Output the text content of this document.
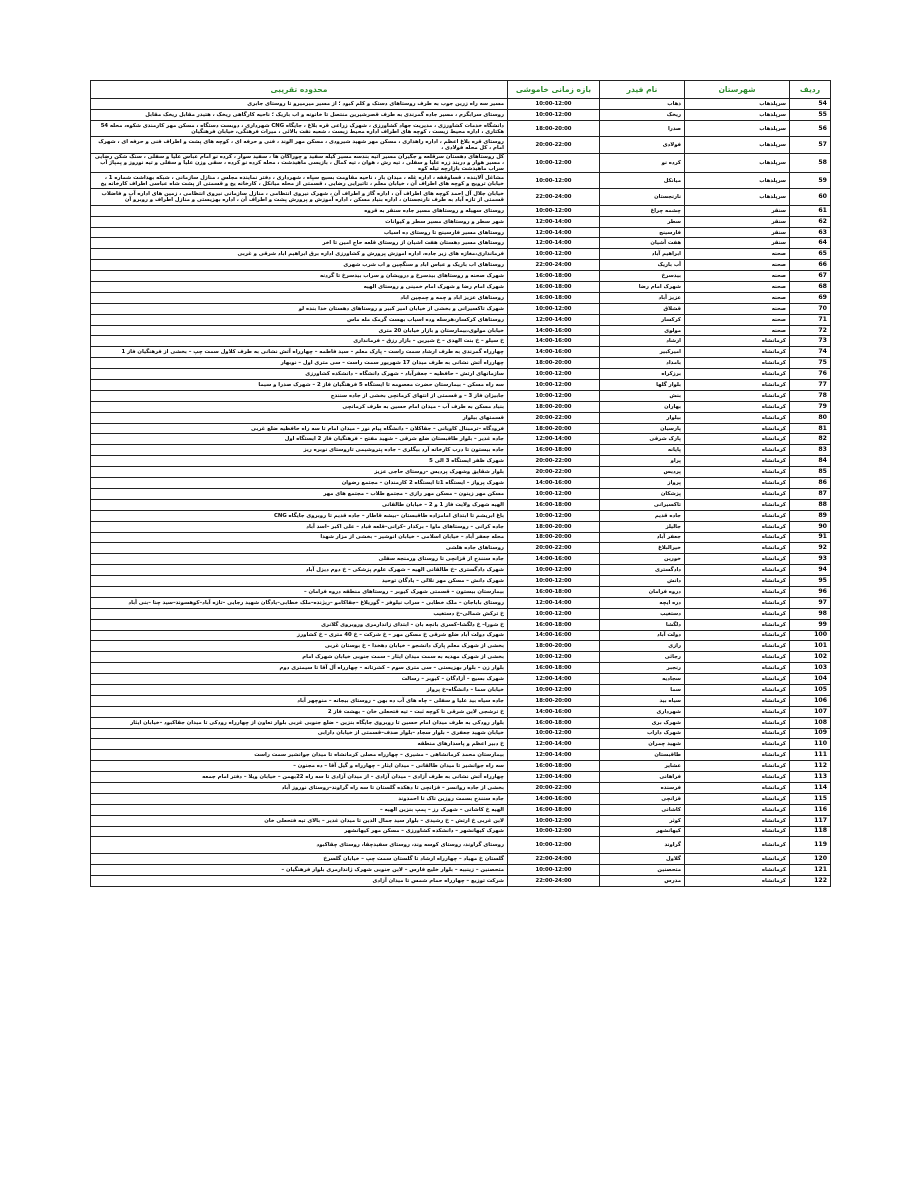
ردیف	شهرستان	نام فیدر	بازه زمانی خاموشی	محدوده تقریبی
54	سرپلذهاب	ذهاب	10:00-12:00	مسیر سه راه زرین جوب به طرف روستاهای دستک و کلم کبود ؛ از مسیر میرمیرو تا روستای جابری
55	سرپلذهاب	ریخک	10:00-12:00	روستای سرابگرم ، مسیر جاده گمرندی به طرف قصرشیرین منتصل تا خانونه و اب باریک ؛ ناحیه کارگاهی ریخک ، هتیدر مقابل ریخک مقابل
56	سرپلذهاب	صدرا	18:00-20:00	دانشگاه خدمات کشاورزی ، مدیریت جهاد کشاورزی ، شهرک زراعی قره بلاغ ، جایگاه CNG شهرداری ، دوبست دستگاه ، مسکن مهر کارمندی شکوه، محله 54 هکتاری ، اداره محیط زیست ، کوچه های اطراف اداره محیط زیست ، شعبه نفت بالائی ، میرات فرهنگی، خیابان فرهنگیان
57	سرپلذهاب	فولادی	20:00-22:00	روستای قره بلاغ اعظم ، اداره راهداری ، مسکن مهر شهید شیرودی ، مسکن مهر الوند ، فنی و حرفه ای ، کوچه های پشت و اطراف فنی و حرفه ای ، شهرک امام ، کل محله فولادی ،
58	سرپلذهاب	کرده نو	10:00-12:00	کل روستاهای دهستان سرقلعه و جگیران مسیر آتیه بندسه مسیر کیله سفید و چوراگان ها ، سفید سوار ، کرده نو امام عباس علیا و سفلی ، سنگ شکن رضایی ، مسیر هوار و دربند زره علیا و سفلی ، تیه رش ، هوان ، تیه کمال ، بازیسی ماهیدشت ، محله کرده نو کرده ، سقی وزن علیا و سفلی و تیه نوروز و پمپاژ آب سراب ماهیدشت بازارچه تیله کوه
59	سرپلذهاب	میانکل	10:00-12:00	مشاغل آلاینده ، قساوقفه ، اداره غله ، میدان بار ، ناحیه مقاومت بسیج سپاه ، شهرداری ، دفتر نماینده مجلس ، منازل سازمانی ، شبکه بهداشت شماره 1 ، خیابان ترویج و کوچه های اطراف آن ، خیابان معلم ، تاتیرایی رضایی ، قسمتی از محله میانکل ، کارخانه یخ و قسمتی از پشت شاه عباسی اطراف کارخانه یخ
60	سرپلذهاب	نارنجستان	22:00-24:00	خیابان جلال آل احمد کوچه های اطراف آن ، اداره گاز و اطراف آن ، شهرک نیروی انتظامی ، منازل سازمانی نیروی انتظامی ، زمین های اداره آب و فاضلاب قسمتی از تازه آباد به طرف نارنجستان ، اداره بنیاد مسکن ، اداره آموزش و پرورش پشت و اطراف آن ، اداره بهزیستی و منازل اطراف و روبرو آن
61	سنقر	چشمه چراغ	10:00-12:00	روستای سهیله و روستاهای مسیر جاده سنقر به قروه
62	سنقر	سطر	12:00-14:00	شهر سطر و روستاهای مسیر سطر و کیوانات
63	سنقر	فارسینج	12:00-14:00	روستاهای مسیر فارسینج تا روستای ده اسیاب
64	سنقر	هفت آشیان	12:00-14:00	روستاهای مسیر دهستان هفت اشیان از روستای قلعه حاج امین تا اخر
65	صحنه	ابراهیم آباد	10:00-12:00	فرمانداری،مغازه های زیر جاده، اداره اموزش پرورش و کشاورزی اداره برق ابراهیم اباد شرقی و غربی
66	صحنه	آب باریک	22:00-24:00	روستاهای اب باریک و عباس اباد و سنگچین و اب شرب شهری
67	صحنه	بیدسرخ	16:00-18:00	شهرک صحنه و روستاهای بیدسرخ و درویشان و سراب بیدسرخ تا گردنه
68	صحنه	شهرک امام رضا	16:00-18:00	شهرک امام رضا و شهرک امام خمینی و روستای الهیه
69	صحنه	عزیز آباد	16:00-18:00	روستاهای عزیز اباد و چمه و چمچین اباد
70	صحنه	قشلاق	10:00-12:00	شهرک تاکسیرانی و بخشی از خیابان امیر کبیر و روستاهای دهستان خدا بنده لو
71	صحنه	کرکسار	12:00-14:00	روستاهای کرکسار،هرسله وده اسیاب بهست گرمک مله ماس
72	صحنه	مولوی	14:00-16:00	خیابان مولوی،بیمارستان و بازار خیابان 20 متری
73	کرمانشاه	ارشاد	14:00-16:00	خ سیلو – خ بنت الهدی – خ شیرین – بازار رزق – فرمانداری
74	کرمانشاه	امیرکبیر	14:00-16:00	چهارراه گمرندی به طرف ارشاد سمت راست – پارک معلم – سید فاطمه – چهارراه آتش نشانی به طرف کلاول سمت چپ – بخشی از فرهنگیان فاز 1
75	کرمانشاه	بامداد	18:00-20:00	چهارراه آتش نشانی به طرف میدان 17 شهریور سمت راست – سی متری اول – نوبهار
76	کرمانشاه	برزکراه	10:00-12:00	سازمانهای ارتش – حافظیه – جعفرآباد – شهرک دانشگاه – دانشکده کشاورزی
77	کرمانشاه	بلوار گلها	10:00-12:00	سه راه مسکن – بیمارستان حضرت معصومه تا ایستگاه 5 فرهنگیان فاز 2 – شهرک صدرا و سیما
78	کرمانشاه	بنش	10:00-12:00	جابیزان فاز 3 – و قسمتی از انتهای کرمانچی بخشی از جاده سنندج
79	کرمانشاه	بهاران	18:00-20:00	بنیاد مسکن به طرف آب – میدان امام حسین به طرف کرمانچی
80	کرمانشاه	بیلوار	20:00-22:00	قسمتهای بیلوار
81	کرمانشاه	پارسیان	18:00-20:00	فرودگاه –ترمینال کاویانی – جقاکلان – دانشگاه پیام نور – میدان امام تا سه راه حافظیه ضلع غربی
82	کرمانشاه	پارک شرقی	12:00-14:00	جاده غدیر – بلوار طاقبستان ضلع شرقی – شهید مفتح – فرهنگیان فاز 2 ایستگاه اول
83	کرمانشاه	پایانه	16:00-18:00	جاده بیستون تا درب کارخانه آرد بیگلری – جاده پتروشیمی تاروستای نوبره ریز
84	کرمانشاه	پراو	20:00-22:00	شهرک ظفر ایستگاه 3 الی 5
85	کرمانشاه	پردیس	20:00-22:00	بلوار شقایق وشهرک پردیس –روستای حاجی عزیز
86	کرمانشاه	پرواز	14:00-16:00	شهرک پرواز – ایستگاه 1تا ایستگاه 2 کارمندان – مجتمع رضوان
87	کرمانشاه	پزشکان	10:00-12:00	مسکن مهر زینون – مسکن مهر رازی – مجتمع طلاب – مجتمع های مهر
88	کرمانشاه	تاکسیرانی	16:00-18:00	الهیه شهرک ولایت فاز 1 و 2 – خیابان طالقانی
89	کرمانشاه	جاده قدیم	10:00-12:00	باغ ابریشم تا ابتدای امامزاده طاقبستان –بیشه قاطار – جاده قدیم تا روبروی جایگاه CNG
90	کرمانشاه	جالیلز	18:00-20:00	جاده کرانی – روستاهای ماوا – برکدار –کرانی–قلعه قباد – علی اکبر –اسد آباد
91	کرمانشاه	جعفر آباد	18:00-20:00	محله جعفر آباد – خیابان اسلامی – خیابان انوشیر – بخشی از مزار شهدا
92	کرمانشاه	خیرالبلاغ	20:00-22:00	روستاهای جاده هلشی
93	کرمانشاه	خورین	14:00-16:00	جاده سنندج از قزانچی تا روستای ورمنجه سفلی
94	کرمانشاه	دادگستری	10:00-12:00	شهرک دادگستری –خ طالقانی الهیه – شهرک علوم پزشکی – خ دوم دیزل آباد
95	کرمانشاه	دانش	10:00-12:00	شهرک دانش – مسکن مهر نلالی – یادگان توحید
96	کرمانشاه	دروه فرامان	16:00-18:00	بیمارستان بیستون – قسمتی شهرک کیوبر – روستاهای منطقه دروه فرامان –
97	کرمانشاه	دره ایچه	12:00-14:00	روستای باباجان – ملک خطابی – سراب نیلوفر – گوریلاغ –جقاکامو –ریژنده–ملک خطابی–یادگان شهید رجایی –تازه آباد–کوهسوند–سید چنا –بنی آباد
98	کرمانشاه	دستغیب	10:00-12:00	خ ترکش شمالی–خ دستغیب
99	کرمانشاه	دلگشا	16:00-18:00	خ شورا– خ دلگشا–کسری بانچه بان – ابتدای زاندارمری وروبروی گلانری
100	کرمانشاه	دولت آباد	14:00-16:00	شهرک دولت آباد ضلع شرقی خ مسکن مهر – خ شرکت – خ 40 متری – خ کشاورز
101	کرمانشاه	رازی	18:00-20:00	بخشی از شهرک معلم پارک دانشجو – خیابان دهخدا – خ بوستان غربی
102	کرمانشاه	رجائی	10:00-12:00	بخشی از شهرک مهدیه به سمت میدان ایثار – سمت جنوبی خیابان شهرک امام
103	کرمانشاه	رنجبر	16:00-18:00	بلوار زن – بلوار بهزیستی – سی متری سوم – کشرتانه – چهارراه آل آقا تا سیمتری دوم
104	کرمانشاه	سجادیه	12:00-14:00	شهرک بسیج – آزادگان – کیوبر – رسالت
105	کرمانشاه	سما	10:00-12:00	خیابان سما – دانشگاه–خ پرواز
106	کرمانشاه	سیاه بید	18:00-20:00	جاده سیاه بید علیا و سفلی – چاه های آب ده بهن – روستای بیجانه – منوچهر آباد
107	کرمانشاه	شهرداری	14:00-16:00	خ ترشجی لاین شرقی تا کوچه ثبت – تیه فتحعلی خان – بهشت فاز 2
108	کرمانشاه	شهرک بری	16:00-18:00	بلوار رودکی به طرف میدان امام حسین تا روبروی جایگاه بنزین – ضلع جنوبی غربی بلوار تعاون از چهارراه رودکی تا میدان جقاکبود –خیابان ایثار
109	کرمانشاه	شهرک داراب	10:00-12:00	خیابان شهید جعفری – بلوار سجاد –بلوار صدف–قسمتی از خیابان دارابی
110	کرمانشاه	شهید چمران	12:00-14:00	خ دبیر اعظم و پاسدارهای منطقه
111	کرمانشاه	طاقبستان	12:00-14:00	بیمارستان محمد کرمانشاهی – مشیری – چهارراه مصلی کرمانشاه تا میدان جوانشیر سمت راست
112	کرمانشاه	عشایر	16:00-18:00	سه راه جوانشیر تا میدان طالقانی – میدان ایثار – چهارراه و گیل آقا – ده مجنون –
113	کرمانشاه	فراهانی	12:00-14:00	چهارراه آتش نشانی به طرف آزادی – میدان آزادی – از میدان آزادی تا سه راه 22بهمن – خیابان ویلا – دفتر امام جمعه
114	کرمانشاه	فرسنده	20:00-22:00	بخشی از جاده روانسر – قزانچی تا دهکده گلستان تا سه راه گراوند–روستای نوروز آباد
115	کرمانشاه	قزانچی	14:00-16:00	جاده سنندج بسمت روزین تاک تا احمدوند
116	کرمانشاه	کاشانی	16:00-18:00	الهیه خ کاشانی – شهرک رز – پمپ بنزین الهیه –
117	کرمانشاه	کوثر	10:00-12:00	لاین غربی خ ارتش – خ رشیدی – بلوار سید جمال الدین تا میدان غدیر – بالای تیه فتحعلی خان
118	کرمانشاه	کیهانشهر	10:00-12:00	شهرک کیهانشهر – دانشکده کشاورزی – مسکن مهر کیهانشهر
119	کرمانشاه	گراوند	10:00-12:00	روستای گراوند، روستای کوسه وند، روستای سفیدچقا، روستای چقاکبود
120	کرمانشاه	گلاول	22:00-24:00	گلستان خ مهیاد – چهارراه ارشاد تا گلستان سمت چپ – خیابان گلسرخ
121	کرمانشاه	متحصنین	10:00-12:00	متحصنین – زینبیه – بلوار خلیج فارس – لاین جنوبی شهرک ژاندارمری بلوار فرهنگیان –
122	کرمانشاه	مدرس	22:00-24:00	شرکت توزیع – چهارراه حمام شمس تا میدان آزادی
